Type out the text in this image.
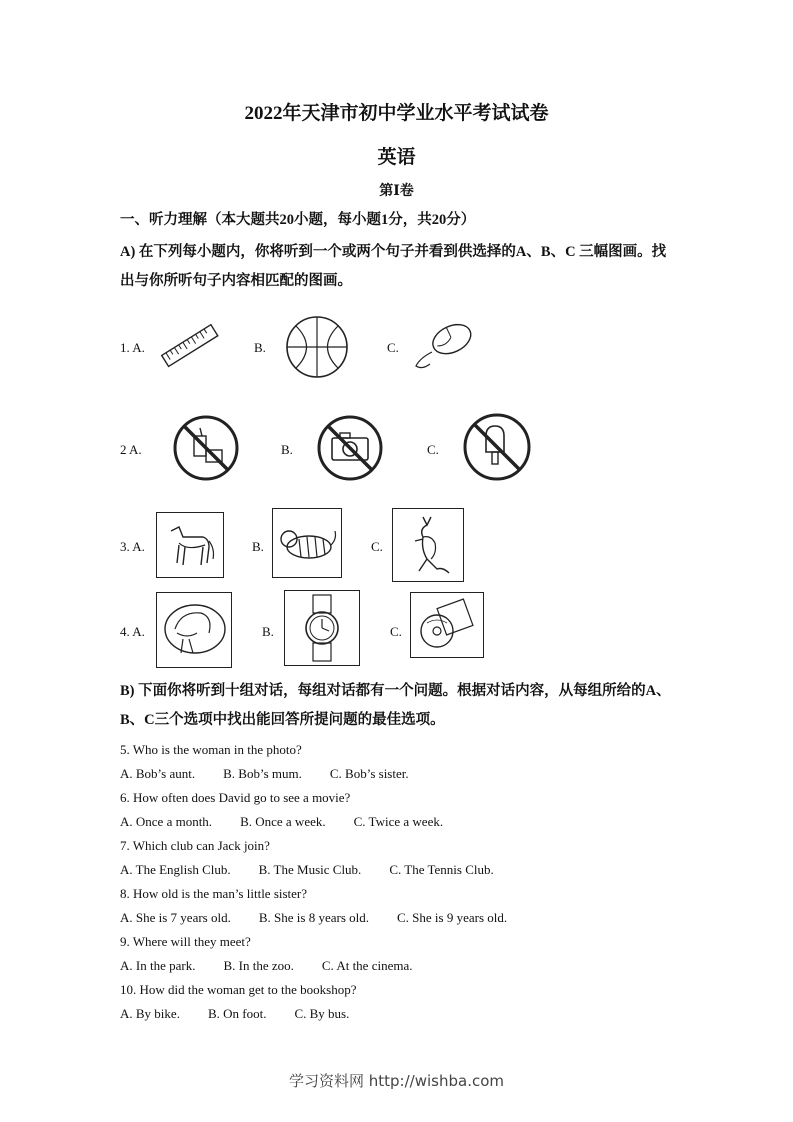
2022年天津市初中学业水平考试试卷
英语
第Ⅰ卷
一、听力理解（本大题共20小题，每小题1分，共20分）
A) 在下列每小题内，你将听到一个或两个句子并看到供选择的A、B、C 三幅图画。找出与你所听句子内容相匹配的图画。
1. A.	B.	C.
2 A.	B.	C.
3. A.	B.	C.
4. A.	B.	C.
B) 下面你将听到十组对话，每组对话都有一个问题。根据对话内容，从每组所给的A、B、C三个选项中找出能回答所提问题的最佳选项。
5. Who is the woman in the photo?
A. Bob’s aunt. B. Bob’s mum. C. Bob’s sister.
6. How often does David go to see a movie?
A. Once a month. B. Once a week. C. Twice a week.
7. Which club can Jack join?
A. The English Club. B. The Music Club. C. The Tennis Club.
8. How old is the man’s little sister?
A. She is 7 years old. B. She is 8 years old. C. She is 9 years old.
9. Where will they meet?
A. In the park. B. In the zoo. C. At the cinema.
10. How did the woman get to the bookshop?
A. By bike. B. On foot. C. By bus.
学习资料网 http://wishba.com
